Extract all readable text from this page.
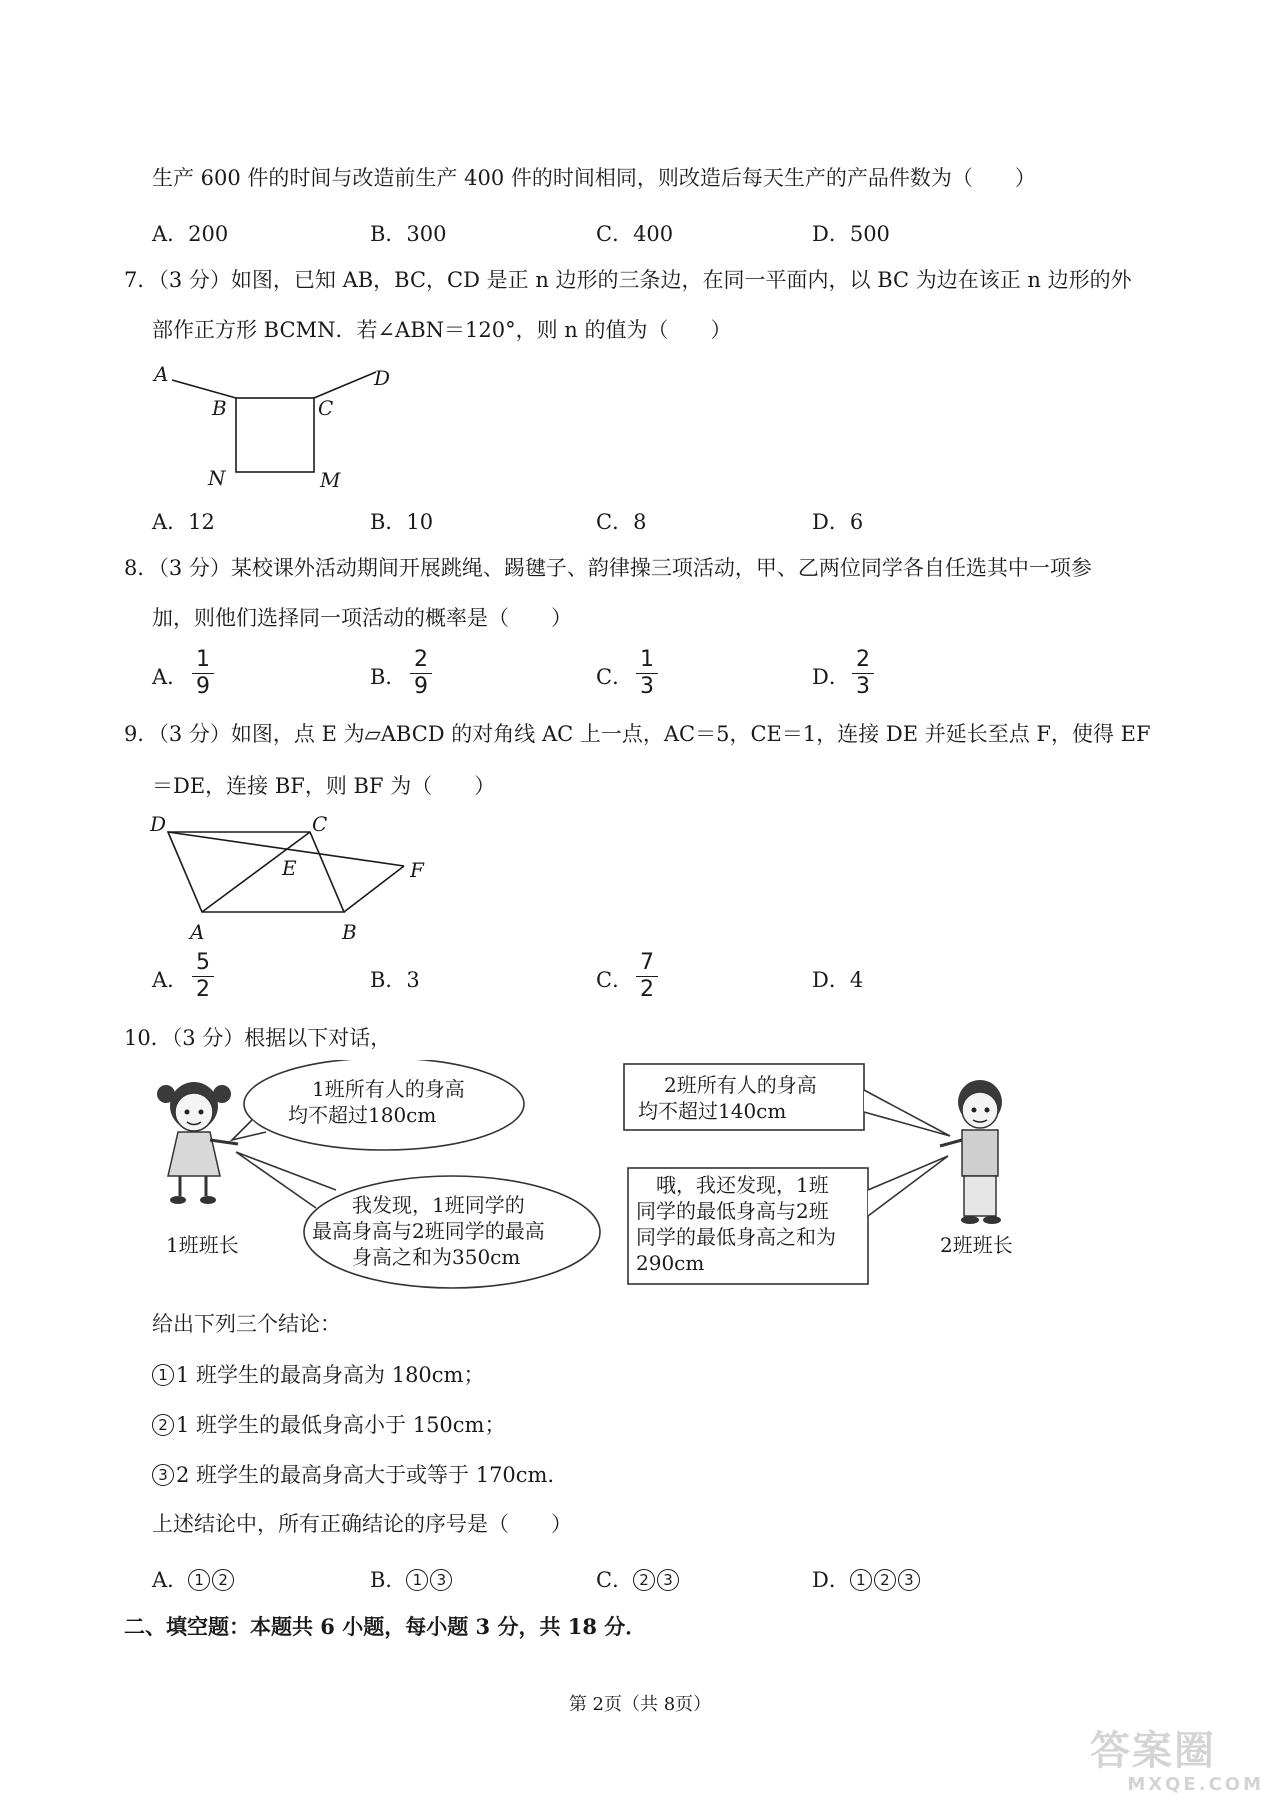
生产 600 件的时间与改造前生产 400 件的时间相同，则改造后每天生产的产品件数为（　　）
A．200	B．300	C．400	D．500
7．（3 分）如图，已知 AB，BC，CD 是正 n 边形的三条边，在同一平面内，以 BC 为边在该正 n 边形的外
部作正方形 BCMN．若∠ABN＝120°，则 n 的值为（　　）
A	D
B	C
N	M
A．12	B．10	C．8	D．6
8．（3 分）某校课外活动期间开展跳绳、踢毽子、韵律操三项活动，甲、乙两位同学各自任选其中一项参
加，则他们选择同一项活动的概率是（　　）
A．
1
9	B．
2
9	C．
1
3	D．
2
3
9．（3 分）如图，点 E 为▱ABCD 的对角线 AC 上一点，AC＝5，CE＝1，连接 DE 并延长至点 F，使得 EF
＝DE，连接 BF，则 BF 为（　　）
D	C
E	F
A	B
A．
5
2	B．3	C．
7
2	D．4
10．（3 分）根据以下对话，
1班所有人的身高
均不超过180cm
我发现，1班同学的
最高身高与2班同学的最高
身高之和为350cm
2班所有人的身高
均不超过140cm
哦，我还发现，1班
同学的最低身高与2班
同学的最低身高之和为
290cm
1班班长	2班班长
给出下列三个结论：
1 1 班学生的最高身高为 180cm；
2 1 班学生的最低身高小于 150cm；
3 2 班学生的最高身高大于或等于 170cm．
上述结论中，所有正确结论的序号是（　　）
A． 1 2	B． 1 3	C． 2 3	D． 1 2 3
二、填空题：本题共 6 小题，每小题 3 分，共 18 分．
第 2页（共 8页）
答案圈
MXQE.COM
